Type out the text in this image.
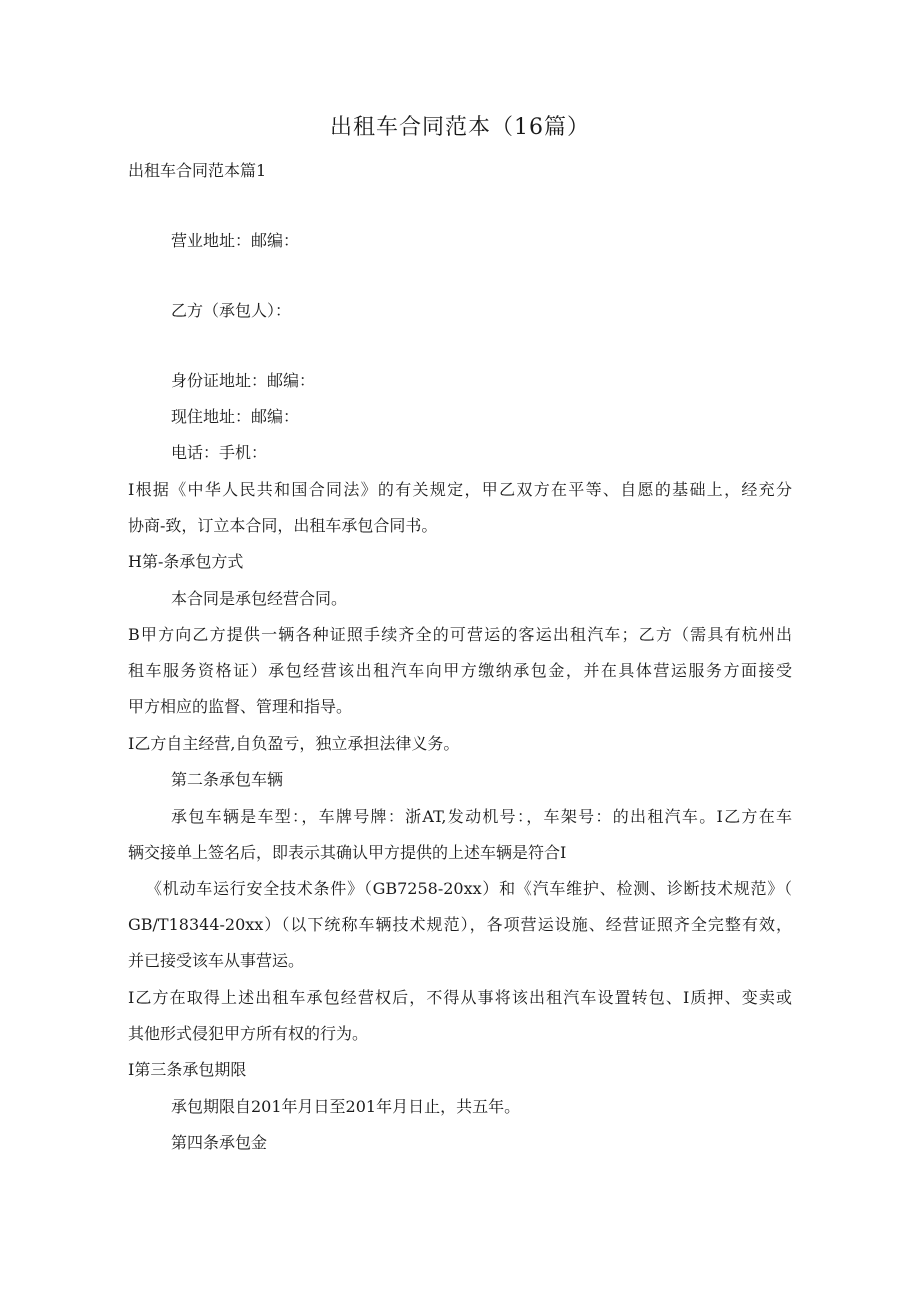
出租车合同范本（16篇）
出租车合同范本篇1
营业地址：邮编：
乙方（承包人）：
身份证地址：邮编：
现住地址：邮编：
电话：手机：
I根据《中华人民共和国合同法》的有关规定，甲乙双方在平等、自愿的基础上，经充分
协商-致，订立本合同，出租车承包合同书。
H第-条承包方式
本合同是承包经营合同。
B甲方向乙方提供一辆各种证照手续齐全的可营运的客运出租汽车；乙方（需具有杭州出
租车服务资格证）承包经营该出租汽车向甲方缴纳承包金，并在具体营运服务方面接受
甲方相应的监督、管理和指导。
I乙方自主经营,自负盈亏，独立承担法律义务。
第二条承包车辆
承包车辆是车型：，车牌号牌：浙AT,发动机号：，车架号：的出租汽车。I乙方在车
辆交接单上签名后，即表示其确认甲方提供的上述车辆是符合I
《机动车运行安全技术条件》（GB7258-20xx）和《汽车维护、检测、诊断技术规范》（
GB/T18344-20xx）（以下统称车辆技术规范），各项营运设施、经营证照齐全完整有效，
并已接受该车从事营运。
I乙方在取得上述出租车承包经营权后，不得从事将该出租汽车设置转包、I质押、变卖或
其他形式侵犯甲方所有权的行为。
I第三条承包期限
承包期限自201年月日至201年月日止，共五年。
第四条承包金
